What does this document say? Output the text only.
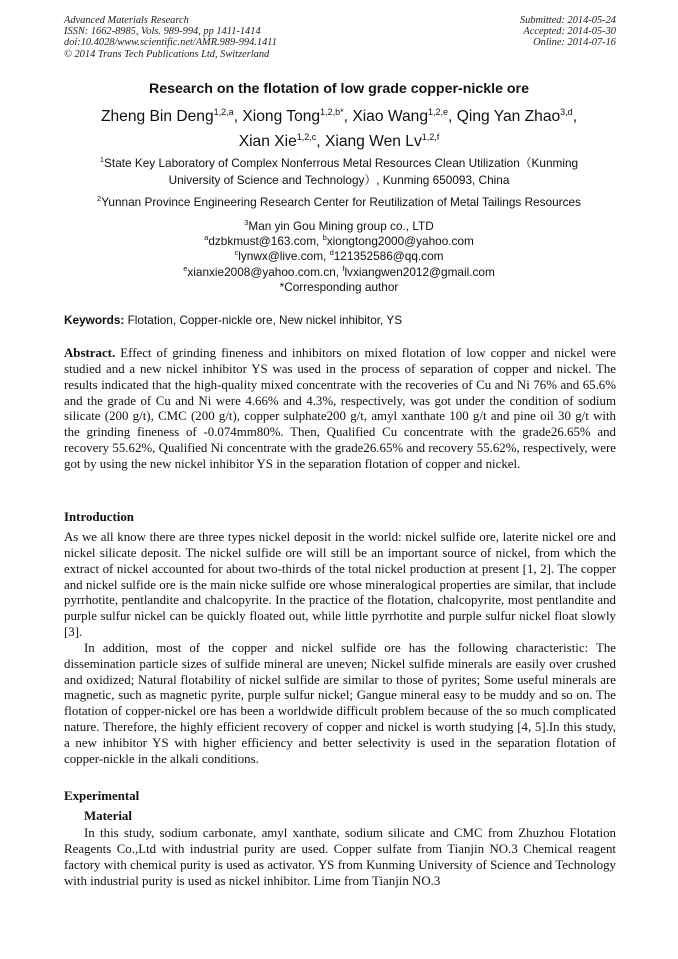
Advanced Materials Research
ISSN: 1662-8985, Vols. 989-994, pp 1411-1414
doi:10.4028/www.scientific.net/AMR.989-994.1411
© 2014 Trans Tech Publications Ltd, Switzerland
Submitted: 2014-05-24
Accepted: 2014-05-30
Online: 2014-07-16
Research on the flotation of low grade copper-nickle ore
Zheng Bin Deng$^{1,2,a}$, Xiong Tong$^{1,2,b*}$, Xiao Wang$^{1,2,e}$, Qing Yan Zhao$^{3,d}$,
Xian Xie$^{1,2,c}$, Xiang Wen Lv$^{1,2,f}$
$^1$State Key Laboratory of Complex Nonferrous Metal Resources Clean Utilization（Kunming
University of Science and Technology）, Kunming 650093, China
$^2$Yunnan Province Engineering Research Center for Reutilization of Metal Tailings Resources
$^3$Man yin Gou Mining group co., LTD
$^a$dzbkmust@163.com, $^b$xiongtong2000@yahoo.com
$^c$lynwx@live.com, $^d$121352586@qq.com
$^e$xianxie2008@yahoo.com.cn, $^f$lvxiangwen2012@gmail.com
*Corresponding author
Keywords: Flotation, Copper-nickle ore, New nickel inhibitor, YS

Abstract. Effect of grinding fineness and inhibitors on mixed flotation of low copper and nickel were studied and a new nickel inhibitor YS was used in the process of separation of copper and nickel. The results indicated that the high-quality mixed concentrate with the recoveries of Cu and Ni 76% and 65.6% and the grade of Cu and Ni were 4.66% and 4.3%, respectively, was got under the condition of sodium silicate (200 g/t), CMC (200 g/t), copper sulphate200 g/t, amyl xanthate 100 g/t and pine oil 30 g/t with the grinding fineness of -0.074mm80%. Then, Qualified Cu concentrate with the grade26.65% and recovery 55.62%, Qualified Ni concentrate with the grade26.65% and recovery 55.62%, respectively, were got by using the new nickel inhibitor YS in the separation flotation of copper and nickel.

Introduction

As we all know there are three types nickel deposit in the world: nickel sulfide ore, laterite nickel ore and nickel silicate deposit. The nickel sulfide ore will still be an important source of nickel, from which the extract of nickel accounted for about two-thirds of the total nickel production at present [1, 2]. The copper and nickel sulfide ore is the main nicke sulfide ore whose mineralogical properties are similar, that include pyrrhotite, pentlandite and chalcopyrite. In the practice of the flotation, chalcopyrite, most pentlandite and purple sulfur nickel can be quickly floated out, while little pyrrhotite and purple sulfur nickel float slowly [3].

In addition, most of the copper and nickel sulfide ore has the following characteristic: The dissemination particle sizes of sulfide mineral are uneven; Nickel sulfide minerals are easily over crushed and oxidized; Natural flotability of nickel sulfide are similar to those of pyrites; Some useful minerals are magnetic, such as magnetic pyrite, purple sulfur nickel; Gangue mineral easy to be muddy and so on. The flotation of copper-nickel ore has been a worldwide difficult problem because of the so much complicated nature. Therefore, the highly efficient recovery of copper and nickel is worth studying [4, 5].In this study, a new inhibitor YS with higher efficiency and better selectivity is used in the separation flotation of copper-nickle in the alkali conditions.

Experimental
Material

In this study, sodium carbonate, amyl xanthate, sodium silicate and CMC from Zhuzhou Flotation Reagents Co.,Ltd with industrial purity are used. Copper sulfate from Tianjin NO.3 Chemical reagent factory with chemical purity is used as activator. YS from Kunming University of Science and Technology with industrial purity is used as nickel inhibitor. Lime from Tianjin NO.3
